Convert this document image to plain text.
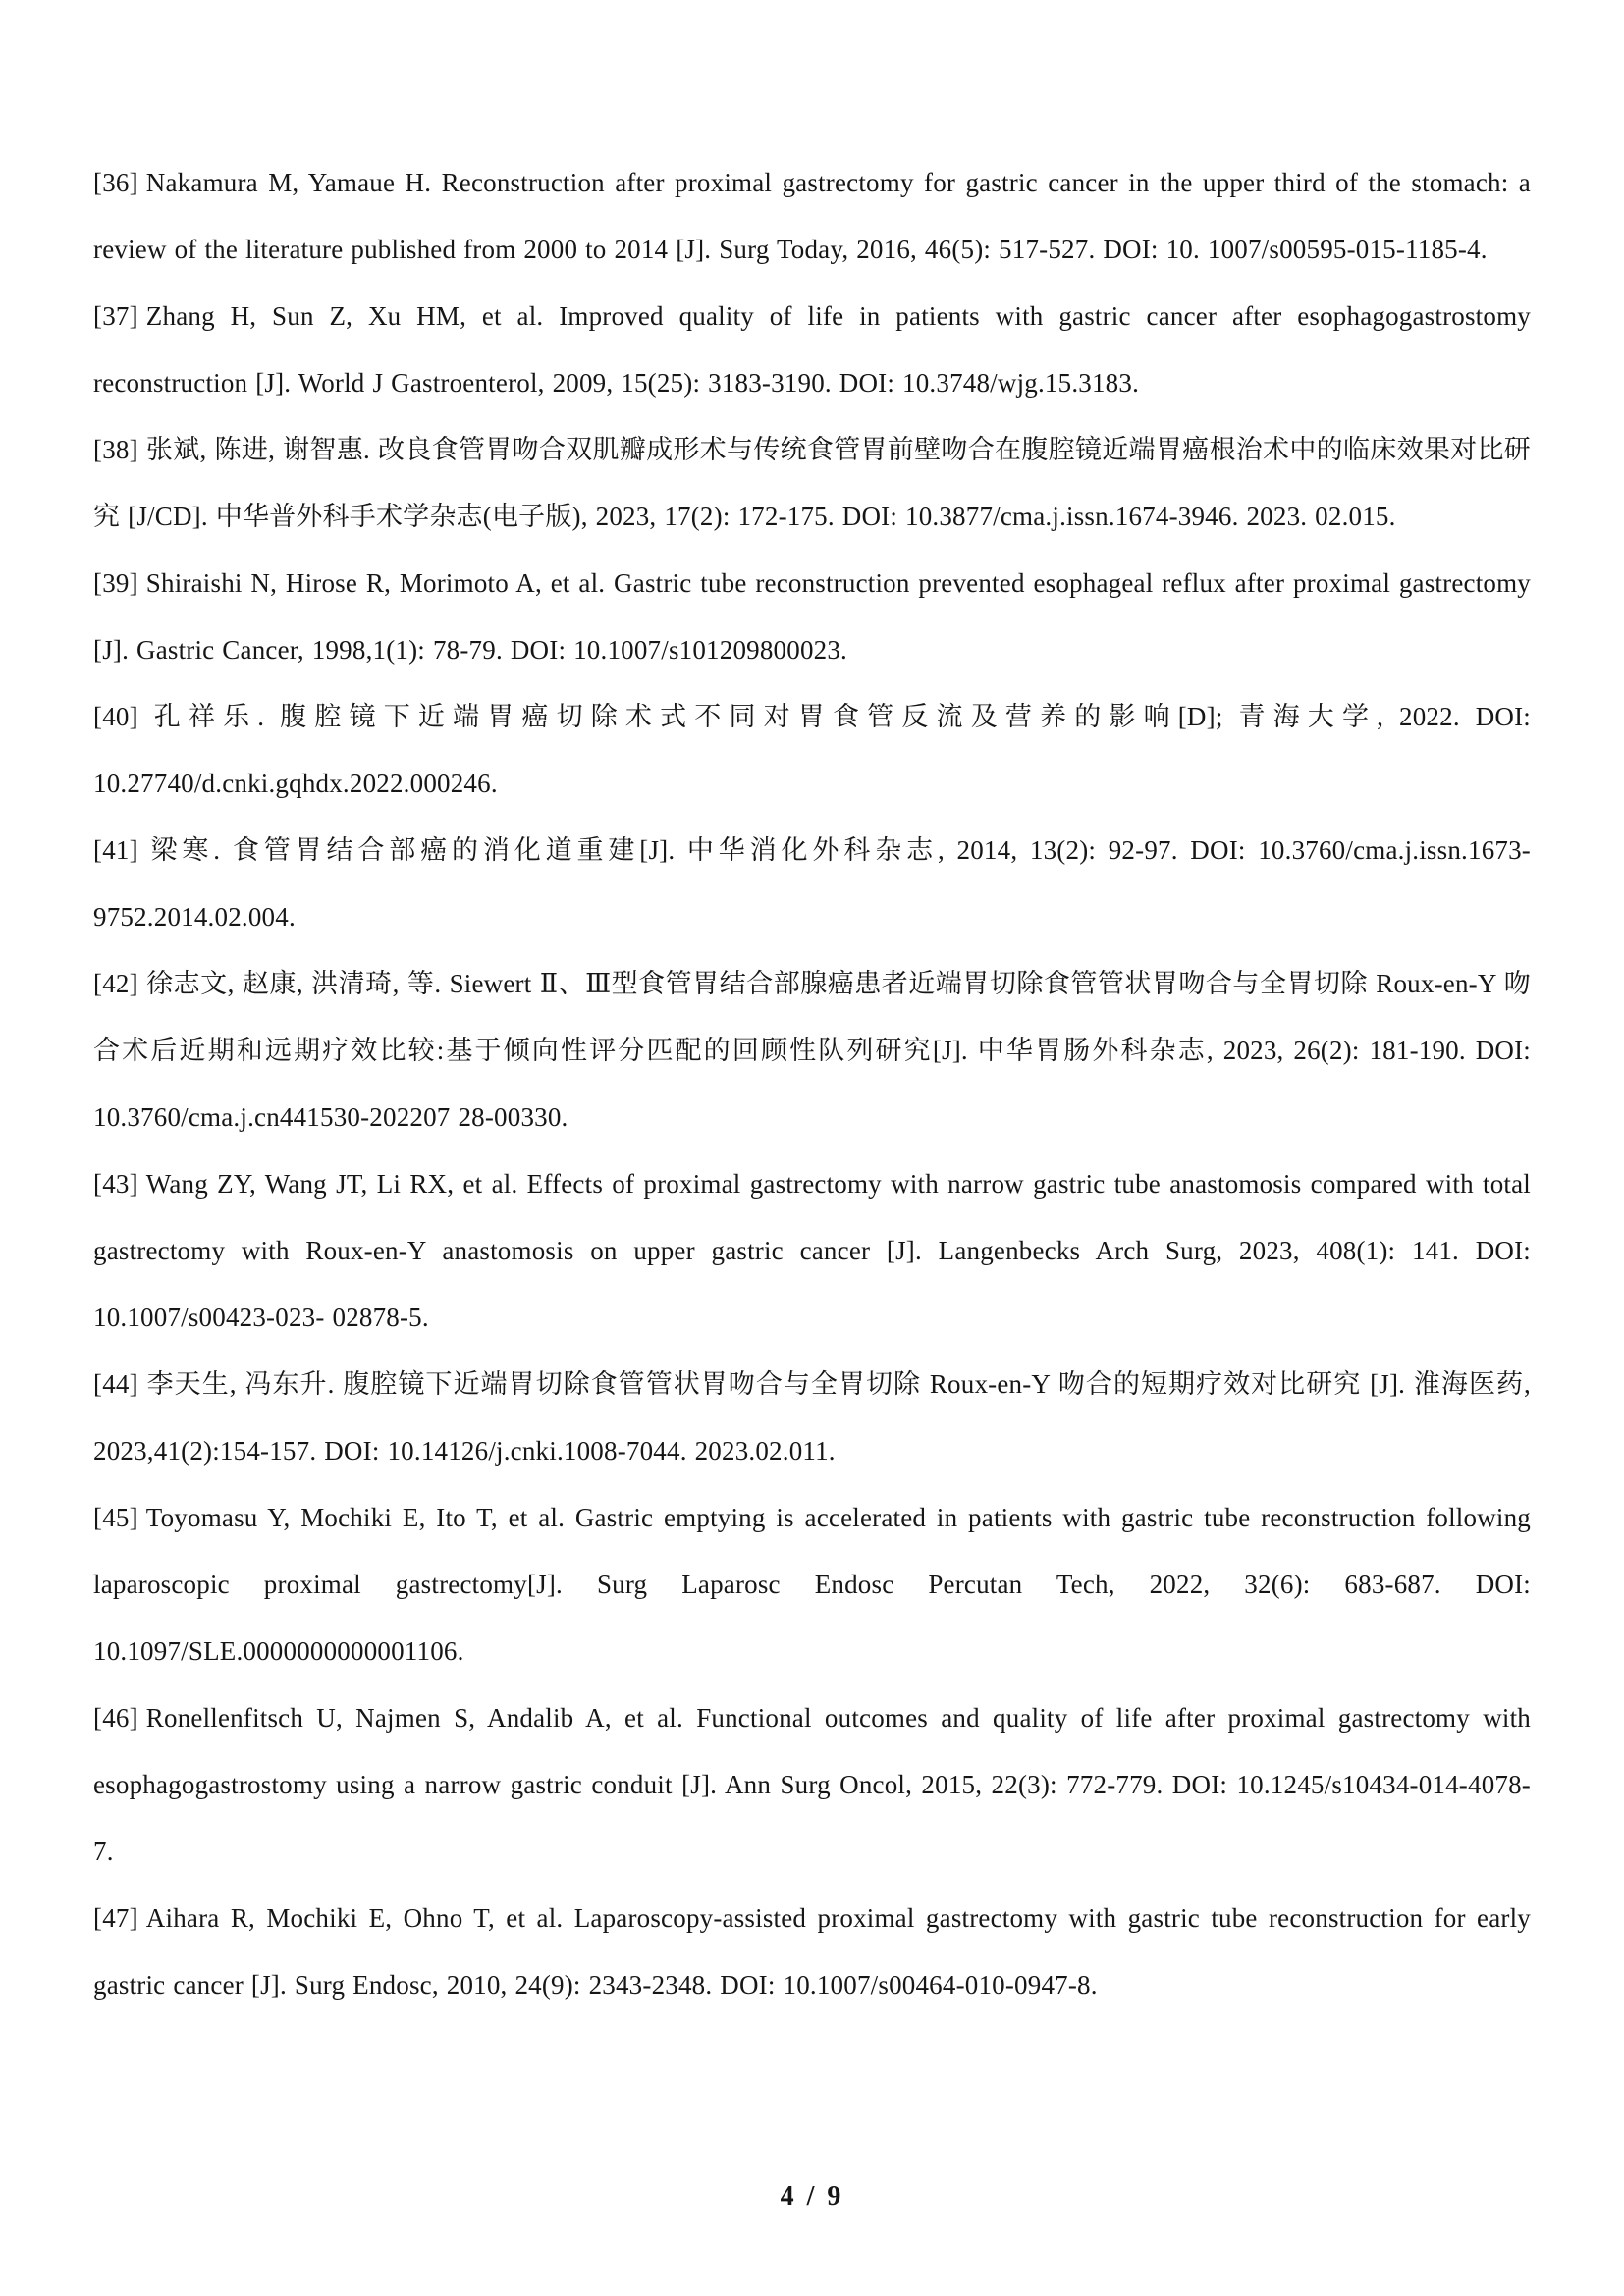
[36] Nakamura M, Yamaue H. Reconstruction after proximal gastrectomy for gastric cancer in the upper third of the stomach: a review of the literature published from 2000 to 2014 [J]. Surg Today, 2016, 46(5): 517-527. DOI: 10. 1007/s00595-015-1185-4.

[37] Zhang H, Sun Z, Xu HM, et al. Improved quality of life in patients with gastric cancer after esophagogastrostomy reconstruction [J]. World J Gastroenterol, 2009, 15(25): 3183-3190. DOI: 10.3748/wjg.15.3183.

[38] 张斌, 陈进, 谢智惠. 改良食管胃吻合双肌瓣成形术与传统食管胃前壁吻合在腹腔镜近端胃癌根治术中的临床效果对比研究 [J/CD]. 中华普外科手术学杂志(电子版), 2023, 17(2): 172-175. DOI: 10.3877/cma.j.issn.1674-3946. 2023. 02.015.

[39] Shiraishi N, Hirose R, Morimoto A, et al. Gastric tube reconstruction prevented esophageal reflux after proximal gastrectomy [J]. Gastric Cancer, 1998,1(1): 78-79. DOI: 10.1007/s101209800023.

[40] 孔祥乐. 腹腔镜下近端胃癌切除术式不同对胃食管反流及营养的影响[D]; 青海大学, 2022. DOI: 10.27740/d.cnki.gqhdx.2022.000246.

[41] 梁寒. 食管胃结合部癌的消化道重建[J]. 中华消化外科杂志, 2014, 13(2): 92-97. DOI: 10.3760/cma.j.issn.1673- 9752.2014.02.004.

[42] 徐志文, 赵康, 洪清琦, 等. Siewert Ⅱ、Ⅲ型食管胃结合部腺癌患者近端胃切除食管管状胃吻合与全胃切除 Roux-en-Y 吻合术后近期和远期疗效比较:基于倾向性评分匹配的回顾性队列研究[J]. 中华胃肠外科杂志, 2023, 26(2): 181-190. DOI: 10.3760/cma.j.cn441530-202207 28-00330.

[43] Wang ZY, Wang JT, Li RX, et al. Effects of proximal gastrectomy with narrow gastric tube anastomosis compared with total gastrectomy with Roux-en-Y anastomosis on upper gastric cancer [J]. Langenbecks Arch Surg, 2023, 408(1): 141. DOI: 10.1007/s00423-023- 02878-5.

[44] 李天生, 冯东升. 腹腔镜下近端胃切除食管管状胃吻合与全胃切除 Roux-en-Y 吻合的短期疗效对比研究 [J]. 淮海医药, 2023,41(2):154-157. DOI: 10.14126/j.cnki.1008-7044. 2023.02.011.

[45] Toyomasu Y, Mochiki E, Ito T, et al. Gastric emptying is accelerated in patients with gastric tube reconstruction following laparoscopic proximal gastrectomy[J]. Surg Laparosc Endosc Percutan Tech, 2022, 32(6): 683-687. DOI: 10.1097/SLE.0000000000001106.

[46] Ronellenfitsch U, Najmen S, Andalib A, et al. Functional outcomes and quality of life after proximal gastrectomy with esophagogastrostomy using a narrow gastric conduit [J]. Ann Surg Oncol, 2015, 22(3): 772-779. DOI: 10.1245/s10434-014-4078-7.

[47] Aihara R, Mochiki E, Ohno T, et al. Laparoscopy-assisted proximal gastrectomy with gastric tube reconstruction for early gastric cancer [J]. Surg Endosc, 2010, 24(9): 2343-2348. DOI: 10.1007/s00464-010-0947-8.

4 / 9
